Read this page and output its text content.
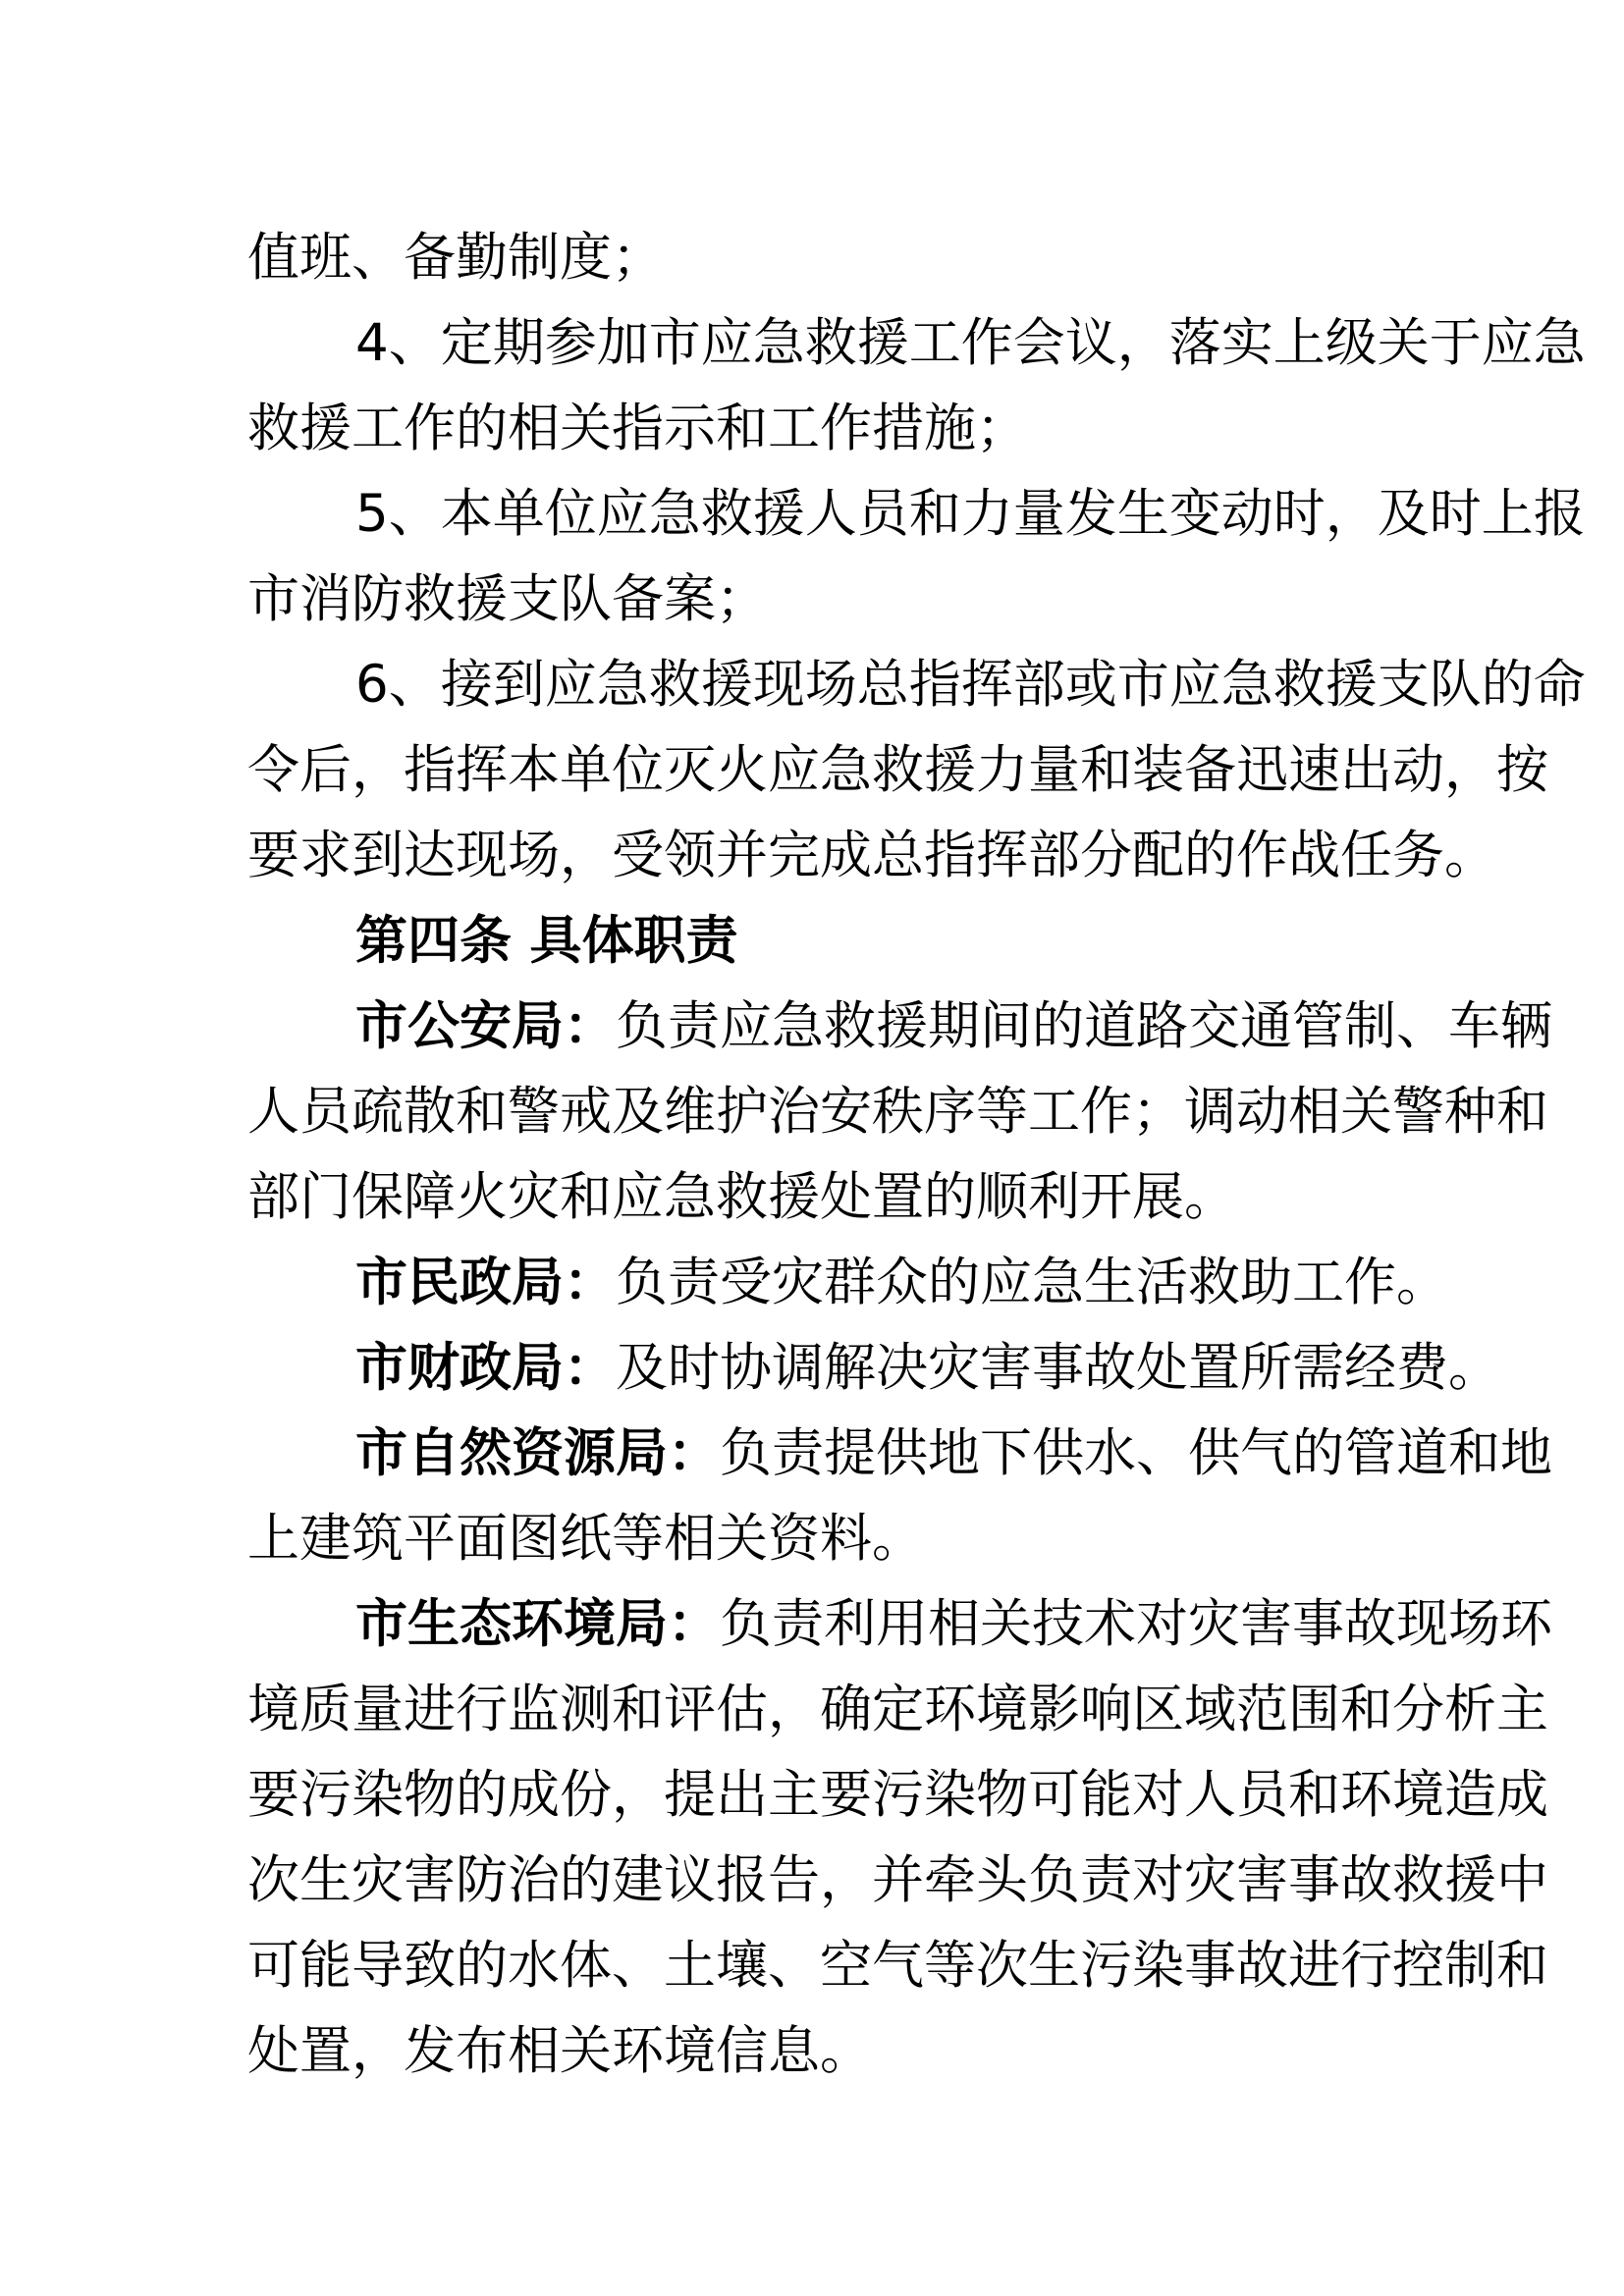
值班、备勤制度；
4、定期参加市应急救援工作会议，落实上级关于应急
救援工作的相关指示和工作措施；
5、本单位应急救援人员和力量发生变动时，及时上报
市消防救援支队备案；
6、接到应急救援现场总指挥部或市应急救援支队的命
令后，指挥本单位灭火应急救援力量和装备迅速出动，按
要求到达现场，受领并完成总指挥部分配的作战任务。
第四条 具体职责
市公安局：负责应急救援期间的道路交通管制、车辆
人员疏散和警戒及维护治安秩序等工作；调动相关警种和
部门保障火灾和应急救援处置的顺利开展。
市民政局：负责受灾群众的应急生活救助工作。
市财政局：及时协调解决灾害事故处置所需经费。
市自然资源局：负责提供地下供水、供气的管道和地
上建筑平面图纸等相关资料。
市生态环境局：负责利用相关技术对灾害事故现场环
境质量进行监测和评估，确定环境影响区域范围和分析主
要污染物的成份，提出主要污染物可能对人员和环境造成
次生灾害防治的建议报告，并牵头负责对灾害事故救援中
可能导致的水体、土壤、空气等次生污染事故进行控制和
处置，发布相关环境信息。
